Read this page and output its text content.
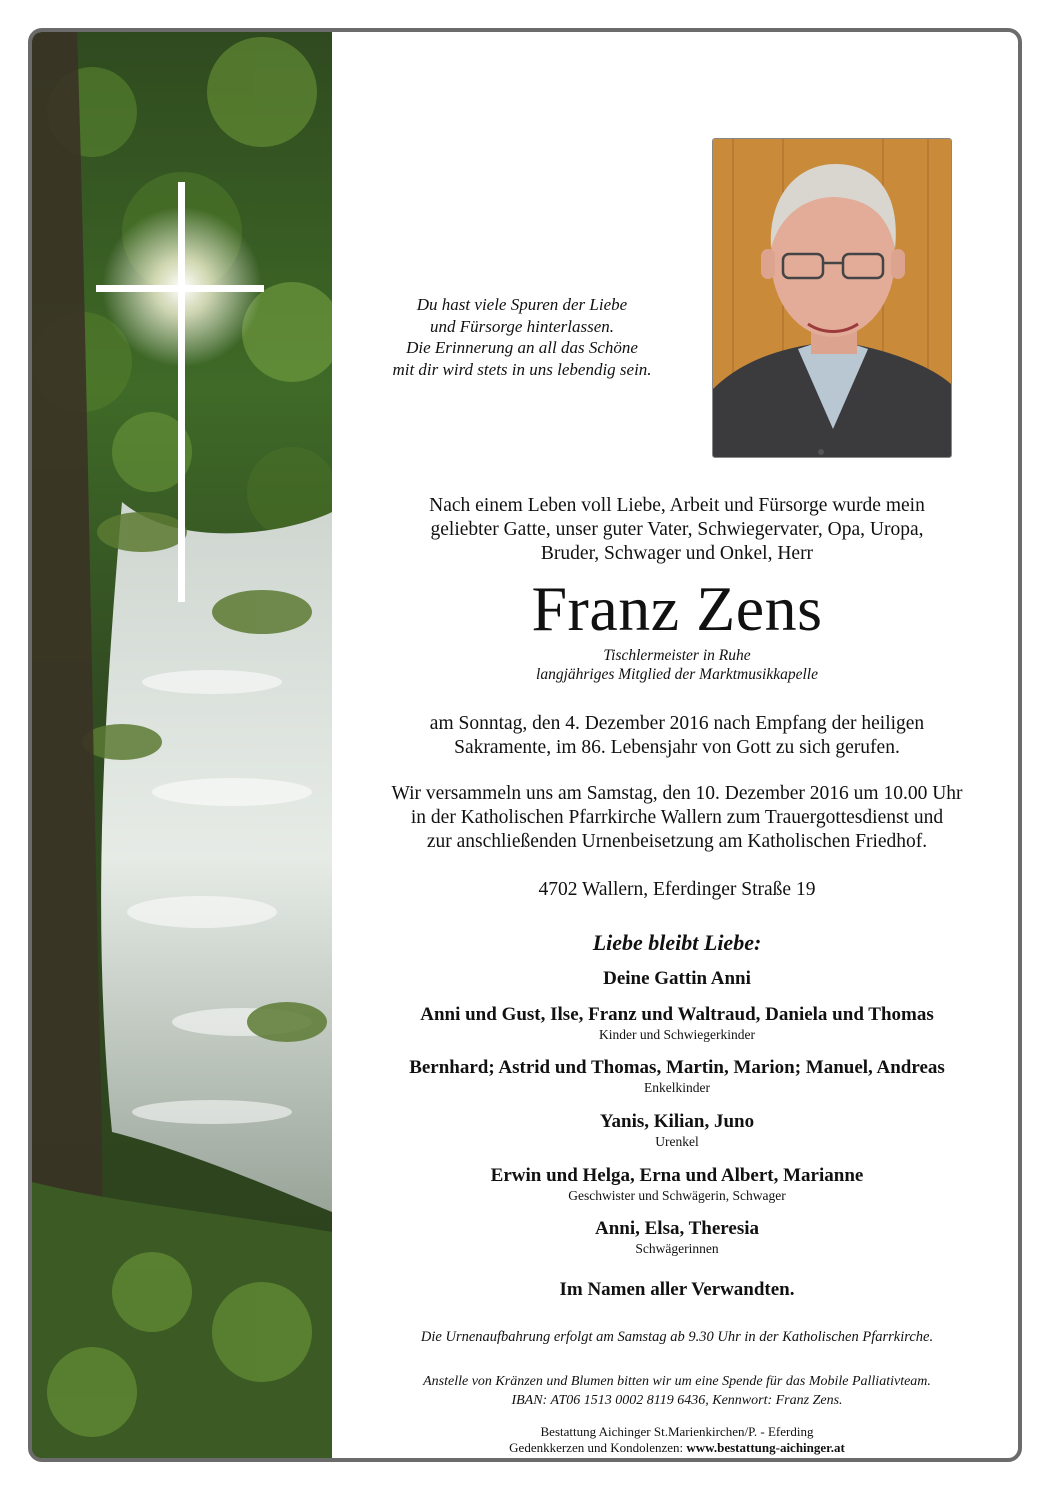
Du hast viele Spuren der Liebe
und Fürsorge hinterlassen.
Die Erinnerung an all das Schöne
mit dir wird stets in uns lebendig sein.
Nach einem Leben voll Liebe, Arbeit und Fürsorge wurde mein
geliebter Gatte, unser guter Vater, Schwiegervater, Opa, Uropa,
Bruder, Schwager und Onkel, Herr
Franz Zens
Tischlermeister in Ruhe
langjähriges Mitglied der Marktmusikkapelle
am Sonntag, den 4. Dezember 2016 nach Empfang der heiligen
Sakramente, im 86. Lebensjahr von Gott zu sich gerufen.
Wir versammeln uns am Samstag, den 10. Dezember 2016 um 10.00 Uhr
in der Katholischen Pfarrkirche Wallern zum Trauergottesdienst und
zur anschließenden Urnenbeisetzung am Katholischen Friedhof.
4702 Wallern, Eferdinger Straße 19
Liebe bleibt Liebe:
Deine Gattin Anni
Anni und Gust, Ilse, Franz und Waltraud, Daniela und Thomas
Kinder und Schwiegerkinder
Bernhard; Astrid und Thomas, Martin, Marion; Manuel, Andreas
Enkelkinder
Yanis, Kilian, Juno
Urenkel
Erwin und Helga, Erna und Albert, Marianne
Geschwister und Schwägerin, Schwager
Anni, Elsa, Theresia
Schwägerinnen
Im Namen aller Verwandten.
Die Urnenaufbahrung erfolgt am Samstag ab 9.30 Uhr in der Katholischen Pfarrkirche.
Anstelle von Kränzen und Blumen bitten wir um eine Spende für das Mobile Palliativteam.
IBAN: AT06 1513 0002 8119 6436, Kennwort: Franz Zens.
Bestattung Aichinger St.Marienkirchen/P. - Eferding
Gedenkkerzen und Kondolenzen: www.bestattung-aichinger.at
